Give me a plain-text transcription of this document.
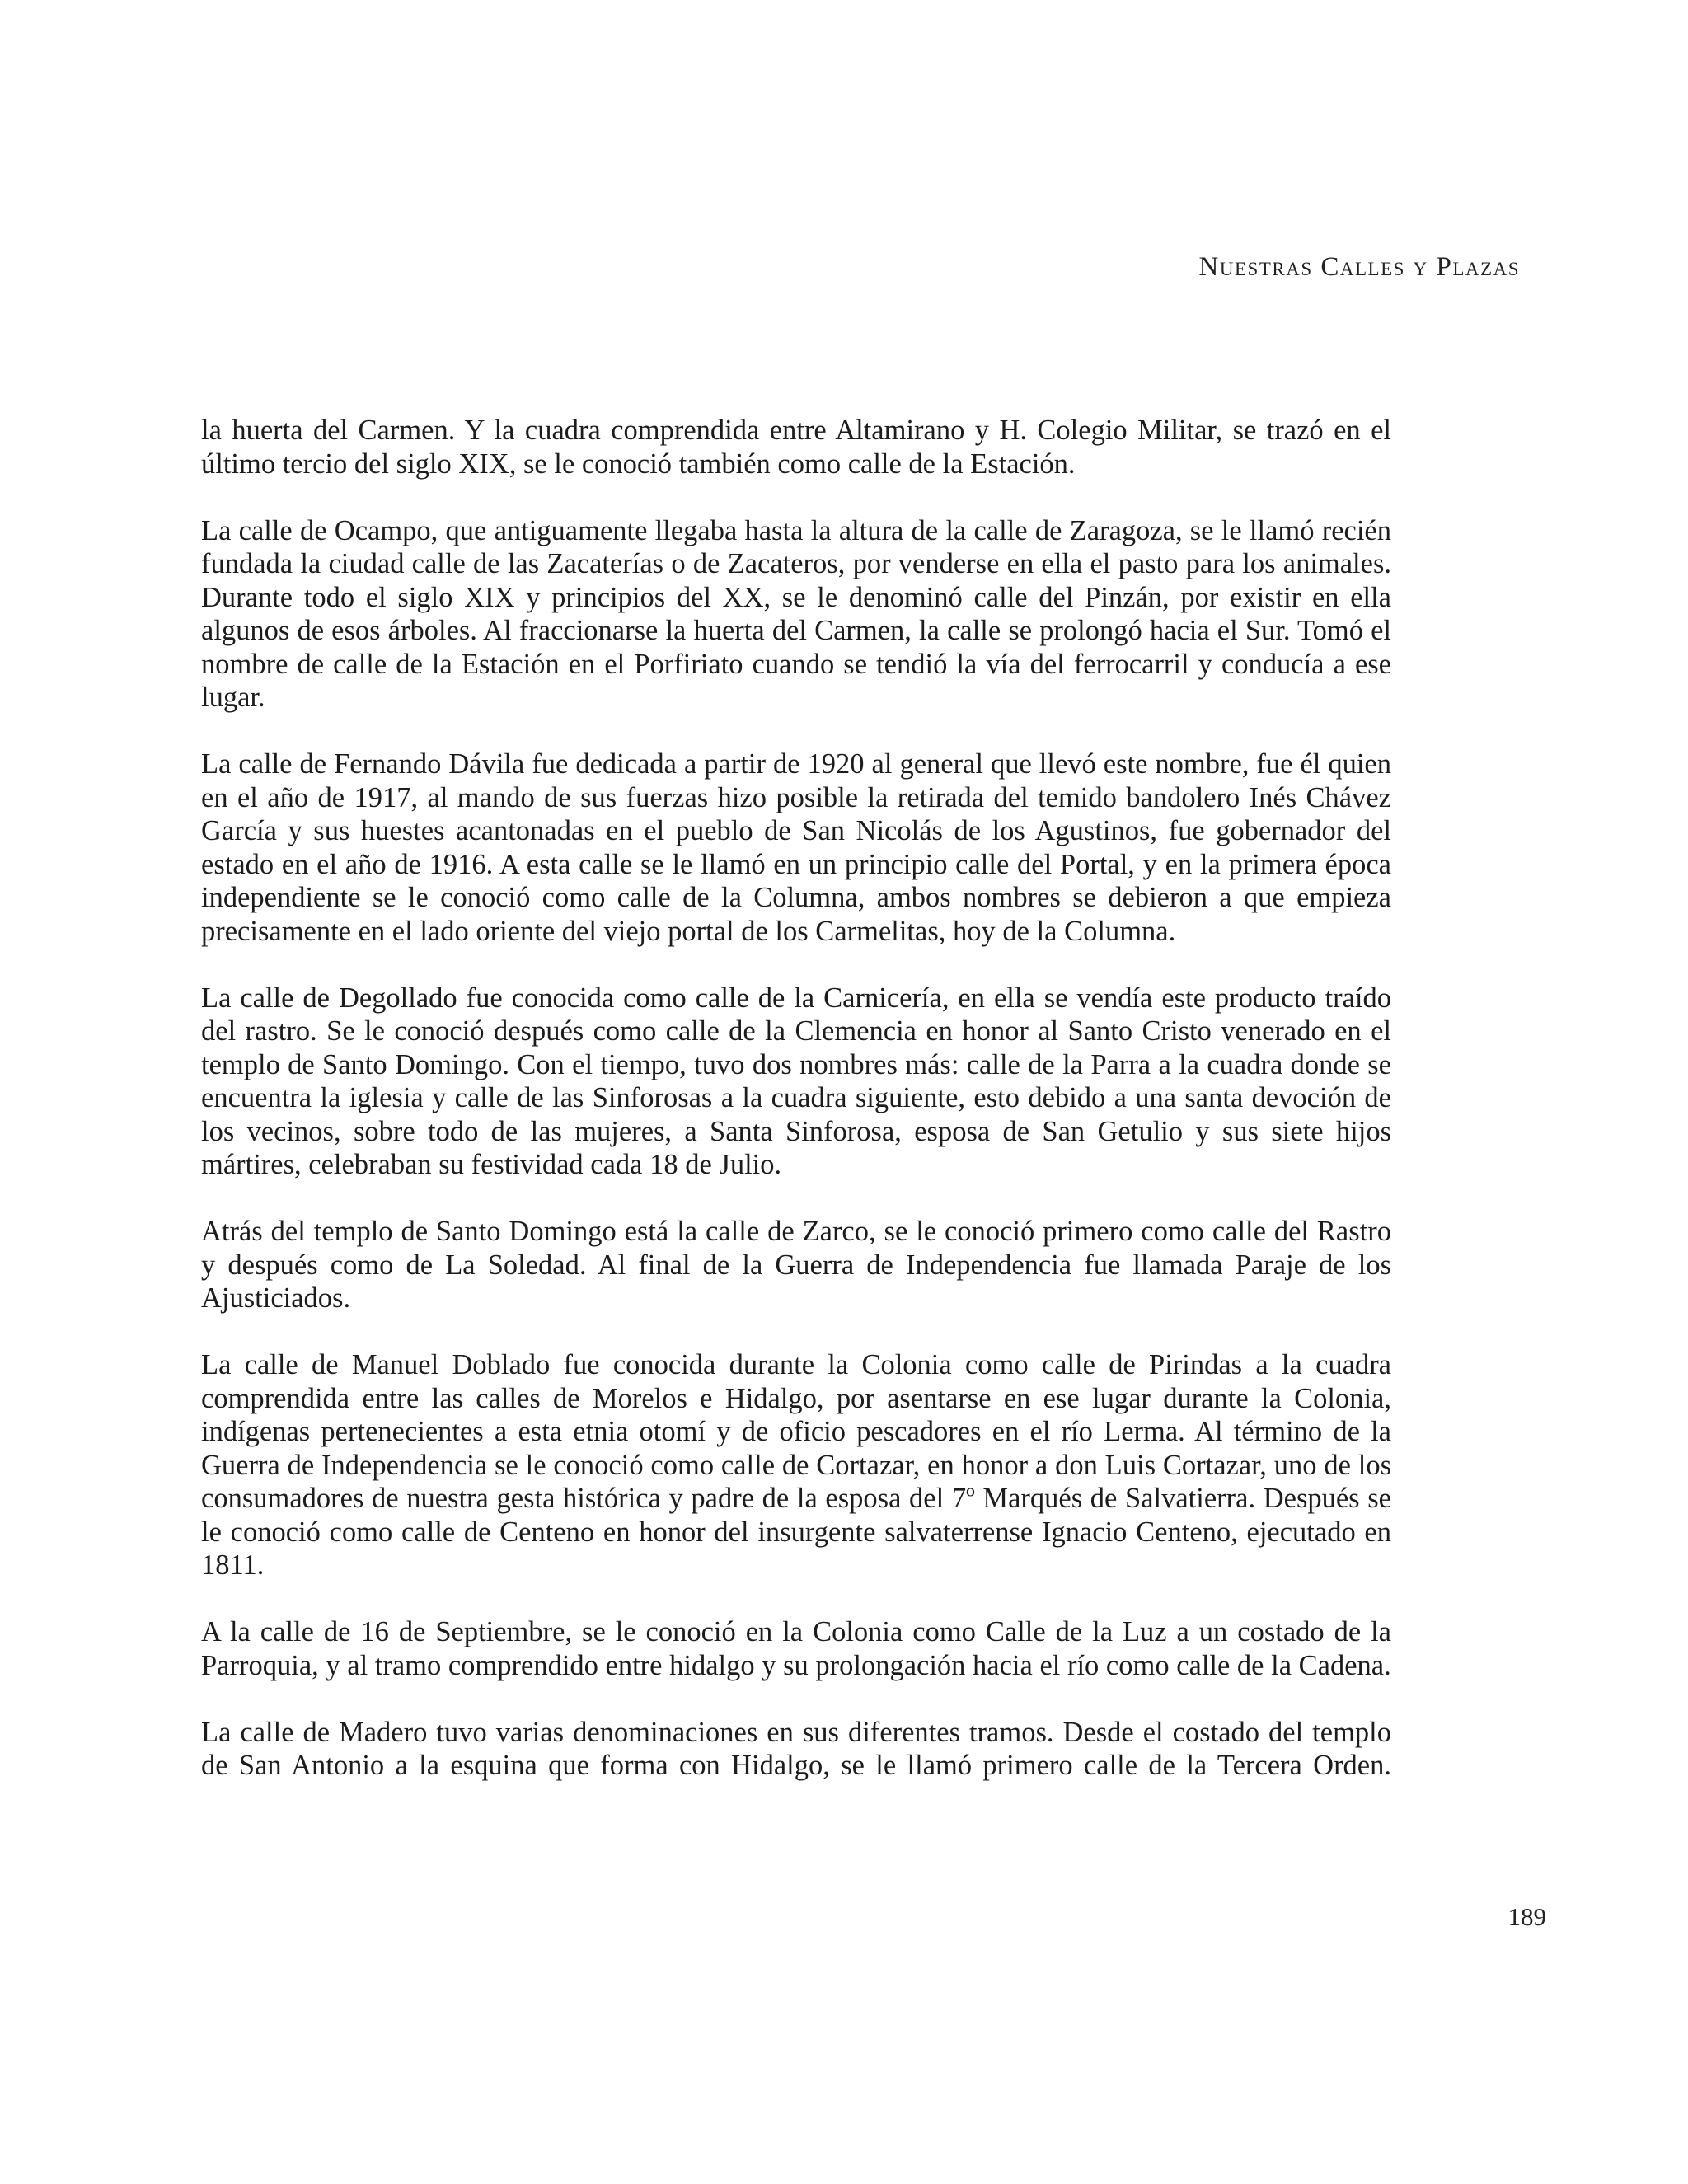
Nuestras Calles y Plazas

la huerta del Carmen. Y la cuadra comprendida entre Altamirano y H. Colegio Militar, se trazó en el último tercio del siglo XIX, se le conoció también como calle de la Estación.

La calle de Ocampo, que antiguamente llegaba hasta la altura de la calle de Zaragoza, se le llamó recién fundada la ciudad calle de las Zacaterías o de Zacateros, por venderse en ella el pasto para los animales. Durante todo el siglo XIX y principios del XX, se le denominó calle del Pinzán, por existir en ella algunos de esos árboles. Al fraccionarse la huerta del Carmen, la calle se prolongó hacia el Sur. Tomó el nombre de calle de la Estación en el Porfiriato cuando se tendió la vía del ferrocarril y conducía a ese lugar.

La calle de Fernando Dávila fue dedicada a partir de 1920 al general que llevó este nombre, fue él quien en el año de 1917, al mando de sus fuerzas hizo posible la retirada del temido bandolero Inés Chávez García y sus huestes acantonadas en el pueblo de San Nicolás de los Agustinos, fue gobernador del estado en el año de 1916. A esta calle se le llamó en un principio calle del Portal, y en la primera época independiente se le conoció como calle de la Columna, ambos nombres se debieron a que empieza precisamente en el lado oriente del viejo portal de los Carmelitas, hoy de la Columna.

La calle de Degollado fue conocida como calle de la Carnicería, en ella se vendía este producto traído del rastro. Se le conoció después como calle de la Clemencia en honor al Santo Cristo venerado en el templo de Santo Domingo. Con el tiempo, tuvo dos nombres más: calle de la Parra a la cuadra donde se encuentra la iglesia y calle de las Sinforosas a la cuadra siguiente, esto debido a una santa devoción de los vecinos, sobre todo de las mujeres, a Santa Sinforosa, esposa de San Getulio y sus siete hijos mártires, celebraban su festividad cada 18 de Julio.

Atrás del templo de Santo Domingo está la calle de Zarco, se le conoció primero como calle del Rastro y después como de La Soledad. Al final de la Guerra de Independencia fue llamada Paraje de los Ajusticiados.

La calle de Manuel Doblado fue conocida durante la Colonia como calle de Pirindas a la cuadra comprendida entre las calles de Morelos e Hidalgo, por asentarse en ese lugar durante la Colonia, indígenas pertenecientes a esta etnia otomí y de oficio pescadores en el río Lerma. Al término de la Guerra de Independencia se le conoció como calle de Cortazar, en honor a don Luis Cortazar, uno de los consumadores de nuestra gesta histórica y padre de la esposa del 7º Marqués de Salvatierra. Después se le conoció como calle de Centeno en honor del insurgente salvaterrense Ignacio Centeno, ejecutado en 1811.

A la calle de 16 de Septiembre, se le conoció en la Colonia como Calle de la Luz a un costado de la Parroquia, y al tramo comprendido entre hidalgo y su prolongación hacia el río como calle de la Cadena.

La calle de Madero tuvo varias denominaciones en sus diferentes tramos. Desde el costado del templo de San Antonio a la esquina que forma con Hidalgo, se le llamó primero calle de la Tercera Orden.

189
